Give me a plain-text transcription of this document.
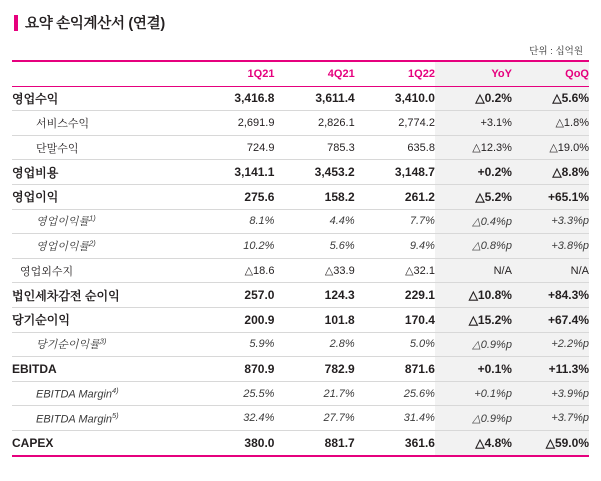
요약 손익계산서 (연결)
단위 : 십억원
	1Q21	4Q21	1Q22	YoY	QoQ
영업수익	3,416.8	3,611.4	3,410.0	△0.2%	△5.6%
서비스수익	2,691.9	2,826.1	2,774.2	+3.1%	△1.8%
단말수익	724.9	785.3	635.8	△12.3%	△19.0%
영업비용	3,141.1	3,453.2	3,148.7	+0.2%	△8.8%
영업이익	275.6	158.2	261.2	△5.2%	+65.1%
영업이익률$^{1)}$	8.1%	4.4%	7.7%	△0.4%p	+3.3%p
영업이익률$^{2)}$	10.2%	5.6%	9.4%	△0.8%p	+3.8%p
영업외수지	△18.6	△33.9	△32.1	N/A	N/A
법인세차감전 순이익	257.0	124.3	229.1	△10.8%	+84.3%
당기순이익	200.9	101.8	170.4	△15.2%	+67.4%
당기순이익률$^{3)}$	5.9%	2.8%	5.0%	△0.9%p	+2.2%p
EBITDA	870.9	782.9	871.6	+0.1%	+11.3%
EBITDA Margin$^{4)}$	25.5%	21.7%	25.6%	+0.1%p	+3.9%p
EBITDA Margin$^{5)}$	32.4%	27.7%	31.4%	△0.9%p	+3.7%p
CAPEX	380.0	881.7	361.6	△4.8%	△59.0%
